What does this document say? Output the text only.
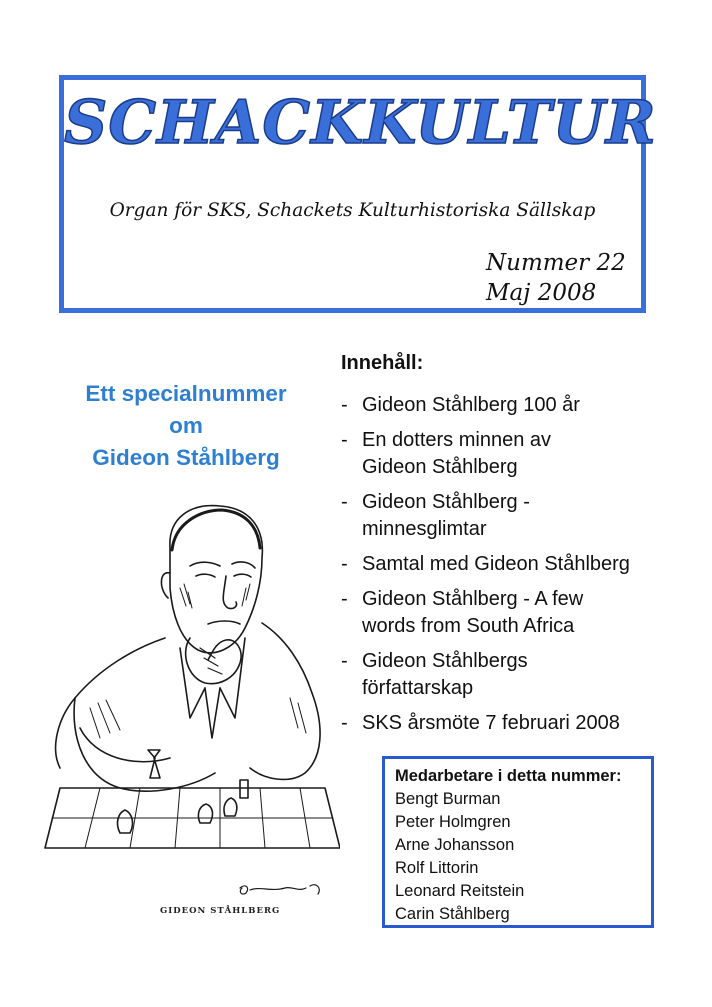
SCHACKKULTUR
Organ för SKS, Schackets Kulturhistoriska Sällskap
Nummer 22
Maj 2008
Ett specialnummer
om
Gideon Ståhlberg
GIDEON STÅHLBERG
Innehåll:
- Gideon Ståhlberg 100 år
- En dotters minnen av
Gideon Ståhlberg
- Gideon Ståhlberg -
minnesglimtar
- Samtal med Gideon Ståhlberg
- Gideon Ståhlberg - A few
words from South Africa
- Gideon Ståhlbergs
författarskap
- SKS årsmöte 7 februari 2008
Medarbetare i detta nummer:
Bengt Burman
Peter Holmgren
Arne Johansson
Rolf Littorin
Leonard Reitstein
Carin Ståhlberg
